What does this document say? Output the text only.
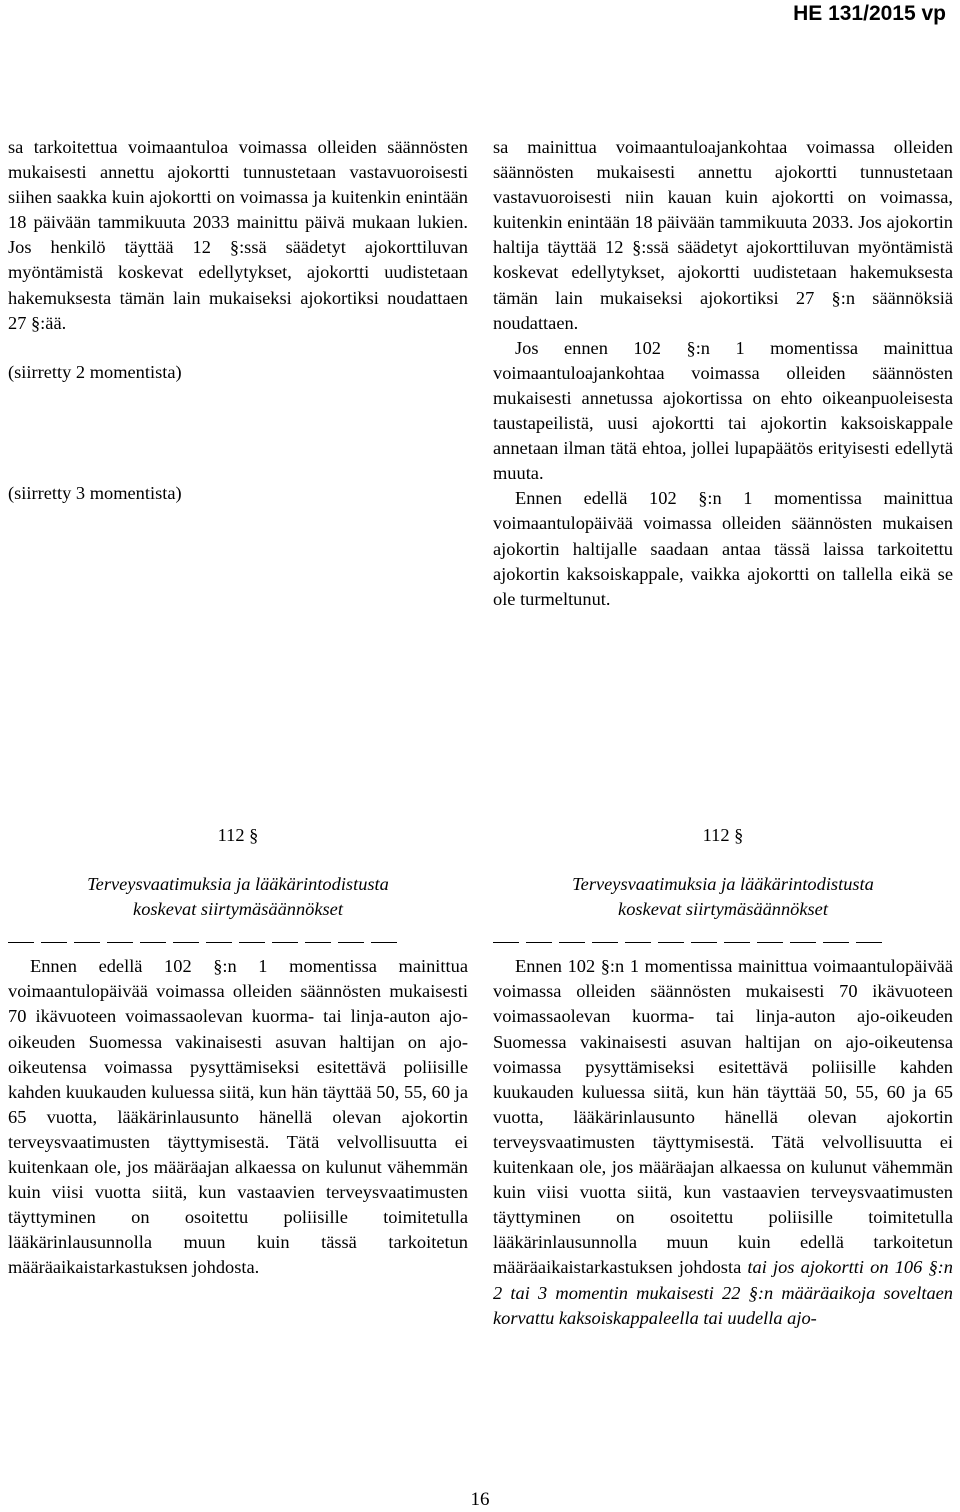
HE 131/2015 vp

sa tarkoitettua voimaantuloa voimassa olleiden säännösten mukaisesti annettu ajokortti tunnustetaan vastavuoroisesti siihen saakka kuin ajokortti on voimassa ja kuitenkin enintään 18 päivään tammikuuta 2033 mainittu päivä mukaan lukien. Jos henkilö täyttää 12 §:ssä säädetyt ajokorttiluvan myöntämistä koskevat edellytykset, ajokortti uudistetaan hakemuksesta tämän lain mukaiseksi ajokortiksi noudattaen 27 §:ää.

(siirretty 2 momentista)

(siirretty 3 momentista)

112 §

Terveysvaatimuksia ja lääkärintodistusta

koskevat siirtymäsäännökset

Ennen edellä 102 §:n 1 momentissa mainittua voimaantulopäivää voimassa olleiden säännösten mukaisesti 70 ikävuoteen voimassaolevan kuorma- tai linja-auton ajo-oikeuden Suomessa vakinaisesti asuvan haltijan on ajo-oikeutensa voimassa pysyttämiseksi esitettävä poliisille kahden kuukauden kuluessa siitä, kun hän täyttää 50, 55, 60 ja 65 vuotta, lääkärinlausunto hänellä olevan ajokortin terveysvaatimusten täyttymisestä. Tätä velvollisuutta ei kuitenkaan ole, jos määräajan alkaessa on kulunut vähemmän kuin viisi vuotta siitä, kun vastaavien terveysvaatimusten täyttyminen on osoitettu poliisille toimitetulla lääkärinlausunnolla muun kuin tässä tarkoitetun määräaikaistarkastuksen johdosta.

sa mainittua voimaantuloajankohtaa voimassa olleiden säännösten mukaisesti annettu ajokortti tunnustetaan vastavuoroisesti niin kauan kuin ajokortti on voimassa, kuitenkin enintään 18 päivään tammikuuta 2033. Jos ajokortin haltija täyttää 12 §:ssä säädetyt ajokorttiluvan myöntämistä koskevat edellytykset, ajokortti uudistetaan hakemuksesta tämän lain mukaiseksi ajokortiksi 27 §:n säännöksiä noudattaen.

Jos ennen 102 §:n 1 momentissa mainittua voimaantuloajankohtaa voimassa olleiden säännösten mukaisesti annetussa ajokortissa on ehto oikeanpuoleisesta taustapeilistä, uusi ajokortti tai ajokortin kaksoiskappale annetaan ilman tätä ehtoa, jollei lupapäätös erityisesti edellytä muuta.

Ennen edellä 102 §:n 1 momentissa mainittua voimaantulopäivää voimassa olleiden säännösten mukaisen ajokortin haltijalle saadaan antaa tässä laissa tarkoitettu ajokortin kaksoiskappale, vaikka ajokortti on tallella eikä se ole turmeltunut.

112 §

Terveysvaatimuksia ja lääkärintodistusta

koskevat siirtymäsäännökset

Ennen 102 §:n 1 momentissa mainittua voimaantulopäivää voimassa olleiden säännösten mukaisesti 70 ikävuoteen voimassaolevan kuorma- tai linja-auton ajo-oikeuden Suomessa vakinaisesti asuvan haltijan on ajo-oikeutensa voimassa pysyttämiseksi esitettävä poliisille kahden kuukauden kuluessa siitä, kun hän täyttää 50, 55, 60 ja 65 vuotta, lääkärinlausunto hänellä olevan ajokortin terveysvaatimusten täyttymisestä. Tätä velvollisuutta ei kuitenkaan ole, jos määräajan alkaessa on kulunut vähemmän kuin viisi vuotta siitä, kun vastaavien terveysvaatimusten täyttyminen on osoitettu poliisille toimitetulla lääkärinlausunnolla muun kuin edellä tarkoitetun määräaikaistarkastuksen johdosta tai jos ajokortti on 106 §:n 2 tai 3 momentin mukaisesti 22 §:n määräaikoja soveltaen korvattu kaksoiskappaleella tai uudella ajo-

16
